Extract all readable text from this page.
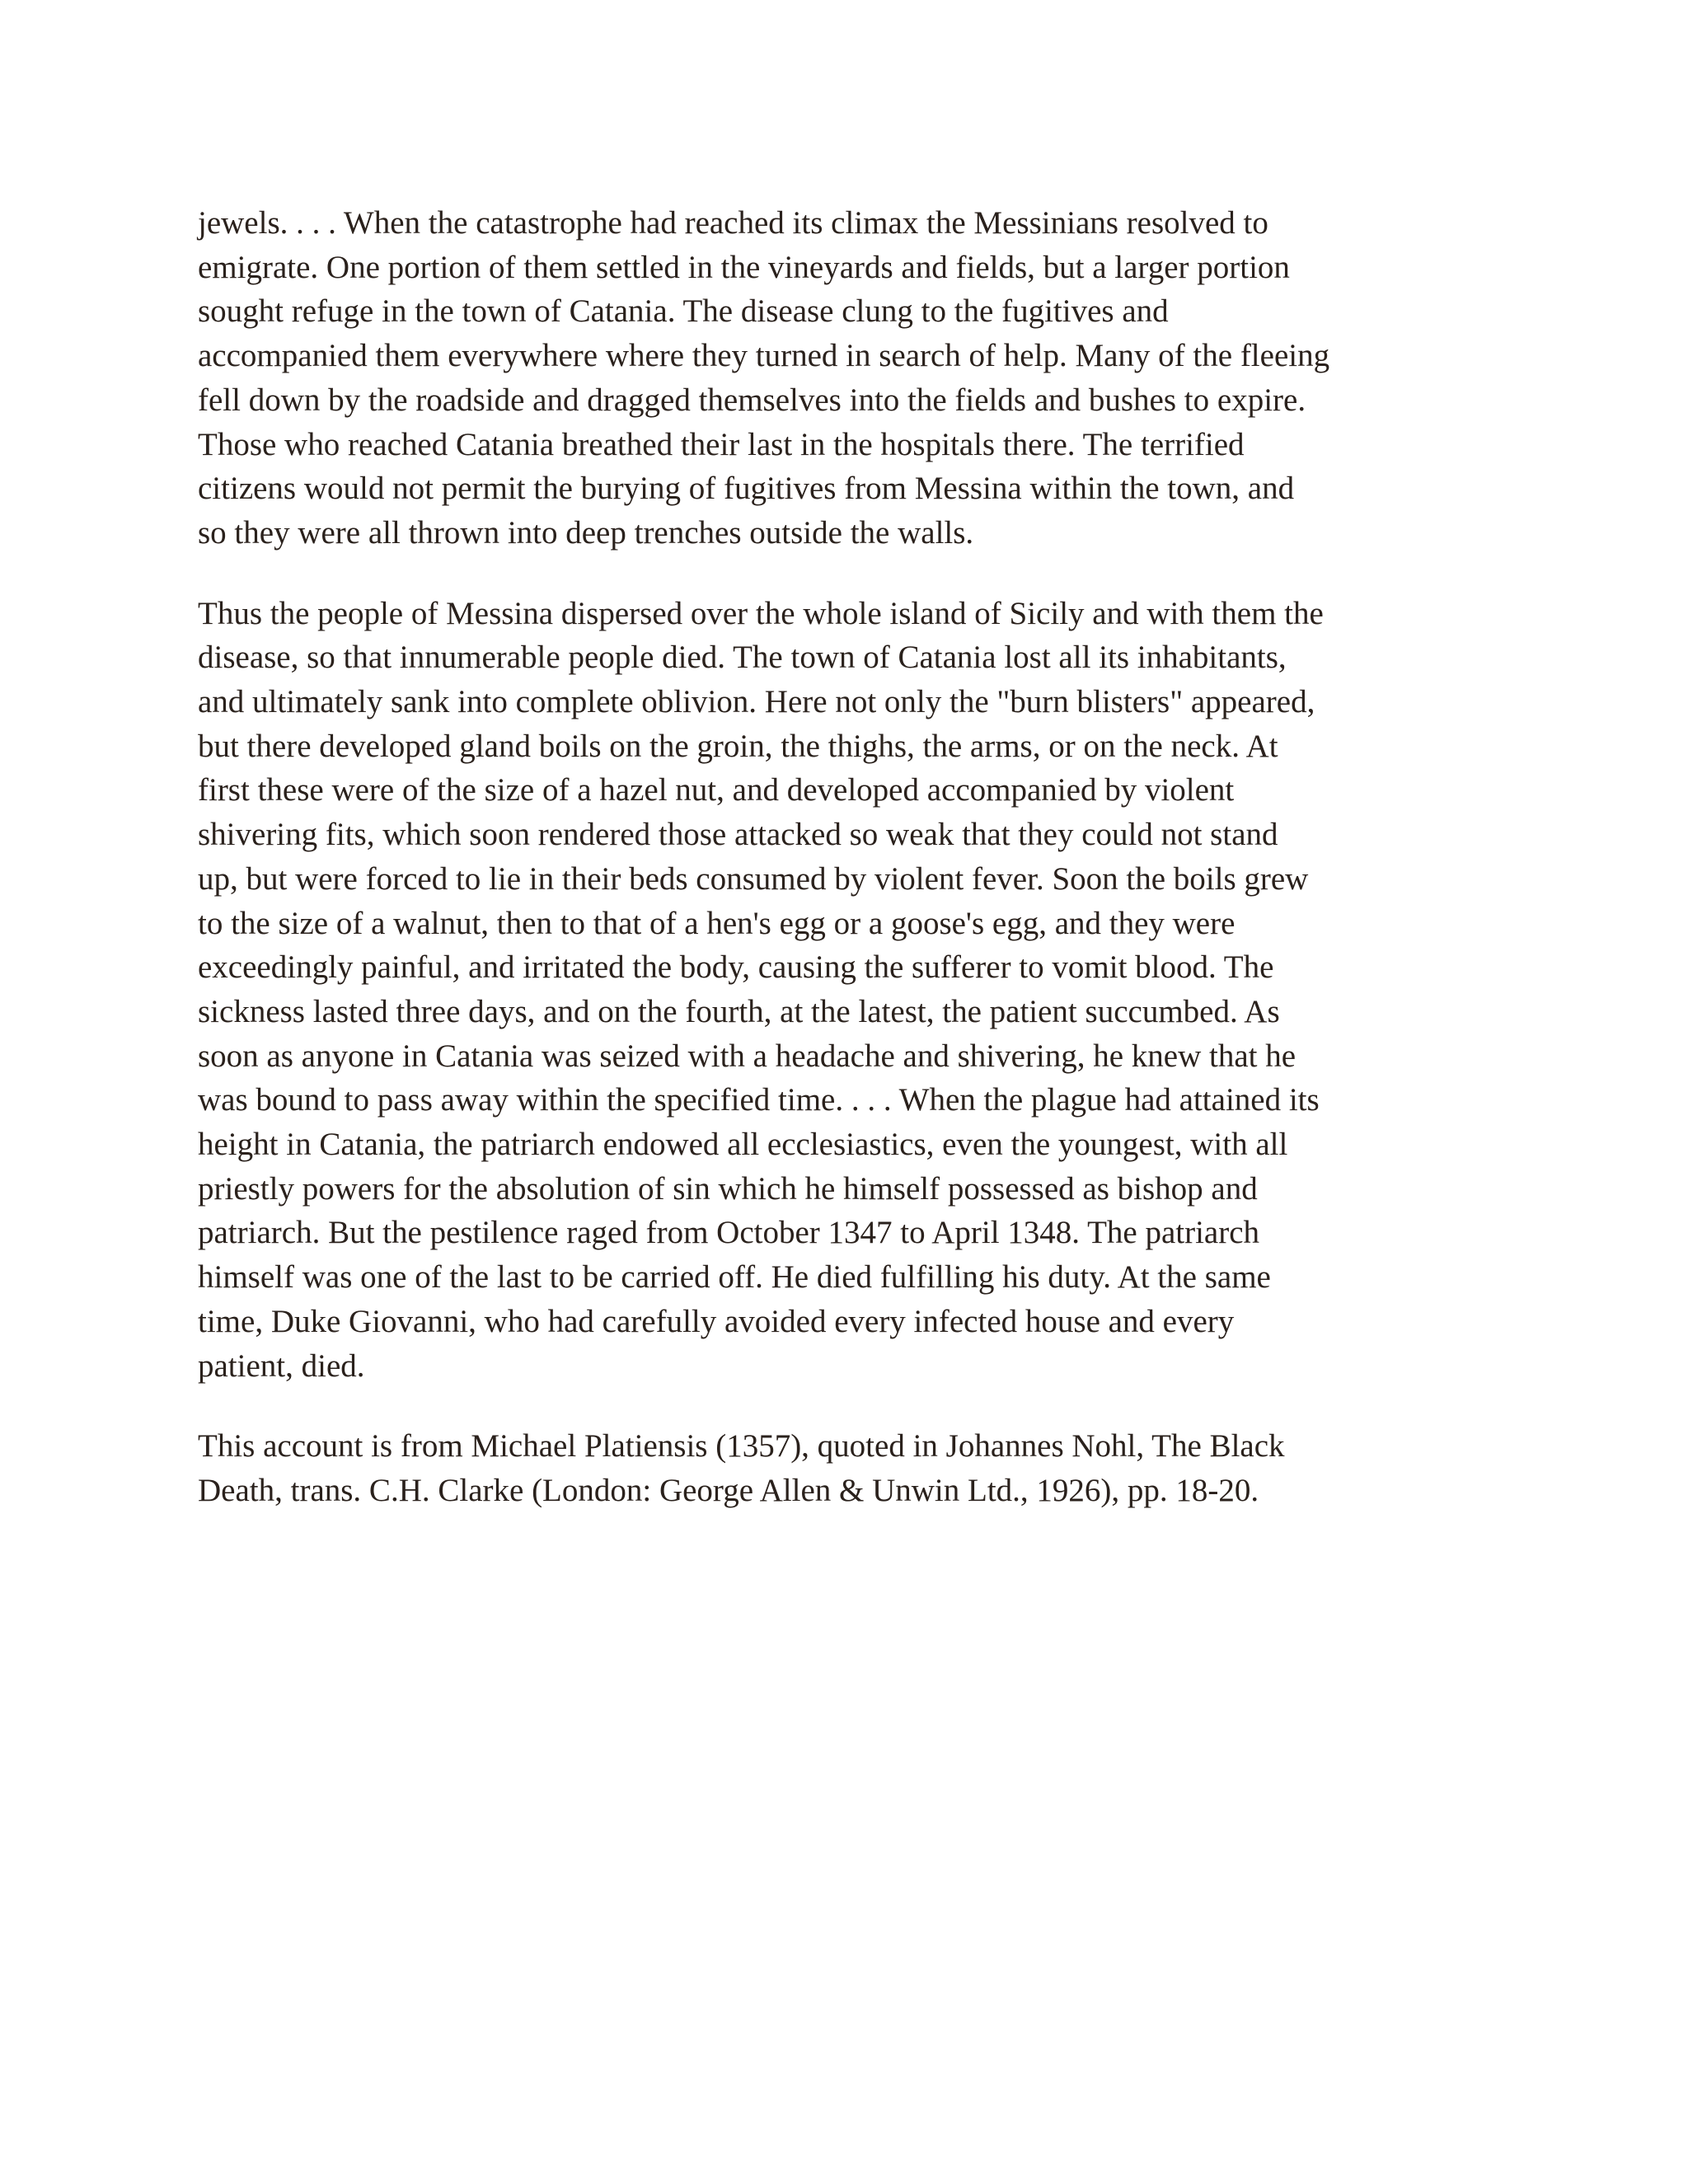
jewels. . . . When the catastrophe had reached its climax the Messinians resolved to
emigrate. One portion of them settled in the vineyards and fields, but a larger portion
sought refuge in the town of Catania. The disease clung to the fugitives and
accompanied them everywhere where they turned in search of help. Many of the fleeing
fell down by the roadside and dragged themselves into the fields and bushes to expire.
Those who reached Catania breathed their last in the hospitals there. The terrified
citizens would not permit the burying of fugitives from Messina within the town, and
so they were all thrown into deep trenches outside the walls.

Thus the people of Messina dispersed over the whole island of Sicily and with them the
disease, so that innumerable people died. The town of Catania lost all its inhabitants,
and ultimately sank into complete oblivion. Here not only the "burn blisters" appeared,
but there developed gland boils on the groin, the thighs, the arms, or on the neck. At
first these were of the size of a hazel nut, and developed accompanied by violent
shivering fits, which soon rendered those attacked so weak that they could not stand
up, but were forced to lie in their beds consumed by violent fever. Soon the boils grew
to the size of a walnut, then to that of a hen's egg or a goose's egg, and they were
exceedingly painful, and irritated the body, causing the sufferer to vomit blood. The
sickness lasted three days, and on the fourth, at the latest, the patient succumbed. As
soon as anyone in Catania was seized with a headache and shivering, he knew that he
was bound to pass away within the specified time. . . . When the plague had attained its
height in Catania, the patriarch endowed all ecclesiastics, even the youngest, with all
priestly powers for the absolution of sin which he himself possessed as bishop and
patriarch. But the pestilence raged from October 1347 to April 1348. The patriarch
himself was one of the last to be carried off. He died fulfilling his duty. At the same
time, Duke Giovanni, who had carefully avoided every infected house and every
patient, died.

This account is from Michael Platiensis (1357), quoted in Johannes Nohl, The Black
Death, trans. C.H. Clarke (London: George Allen & Unwin Ltd., 1926), pp. 18-20.
